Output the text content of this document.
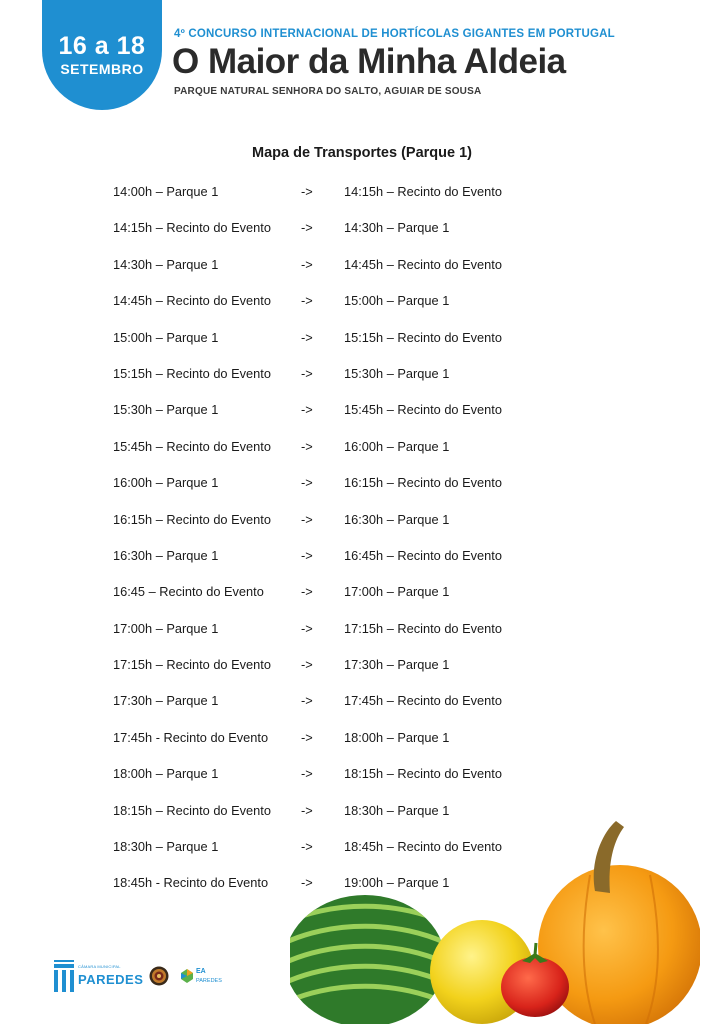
16 a 18
SETEMBRO
4º CONCURSO INTERNACIONAL DE HORTÍCOLAS GIGANTES EM PORTUGAL
O Maior da Minha Aldeia
PARQUE NATURAL SENHORA DO SALTO, AGUIAR DE SOUSA
Mapa de Transportes (Parque 1)
14:00h – Parque 1	-> 14:15h – Recinto do Evento
14:15h – Recinto do Evento -> 14:30h – Parque 1
14:30h – Parque 1	-> 14:45h – Recinto do Evento
14:45h – Recinto do Evento -> 15:00h – Parque 1
15:00h – Parque 1	-> 15:15h – Recinto do Evento
15:15h – Recinto do Evento -> 15:30h – Parque 1
15:30h – Parque 1	-> 15:45h – Recinto do Evento
15:45h – Recinto do Evento -> 16:00h – Parque 1
16:00h – Parque 1	-> 16:15h – Recinto do Evento
16:15h – Recinto do Evento -> 16:30h – Parque 1
16:30h – Parque 1	-> 16:45h – Recinto do Evento
16:45 – Recinto do Evento	-> 17:00h – Parque 1
17:00h – Parque 1	-> 17:15h – Recinto do Evento
17:15h – Recinto do Evento -> 17:30h – Parque 1
17:30h – Parque 1	-> 17:45h – Recinto do Evento
17:45h - Recinto do Evento	-> 18:00h – Parque 1
18:00h – Parque 1	-> 18:15h – Recinto do Evento
18:15h – Recinto do Evento -> 18:30h – Parque 1
18:30h – Parque 1	-> 18:45h – Recinto do Evento
18:45h - Recinto do Evento	-> 19:00h – Parque 1
CÂMARA MUNICIPAL
PAREDES
EA
PAREDES
